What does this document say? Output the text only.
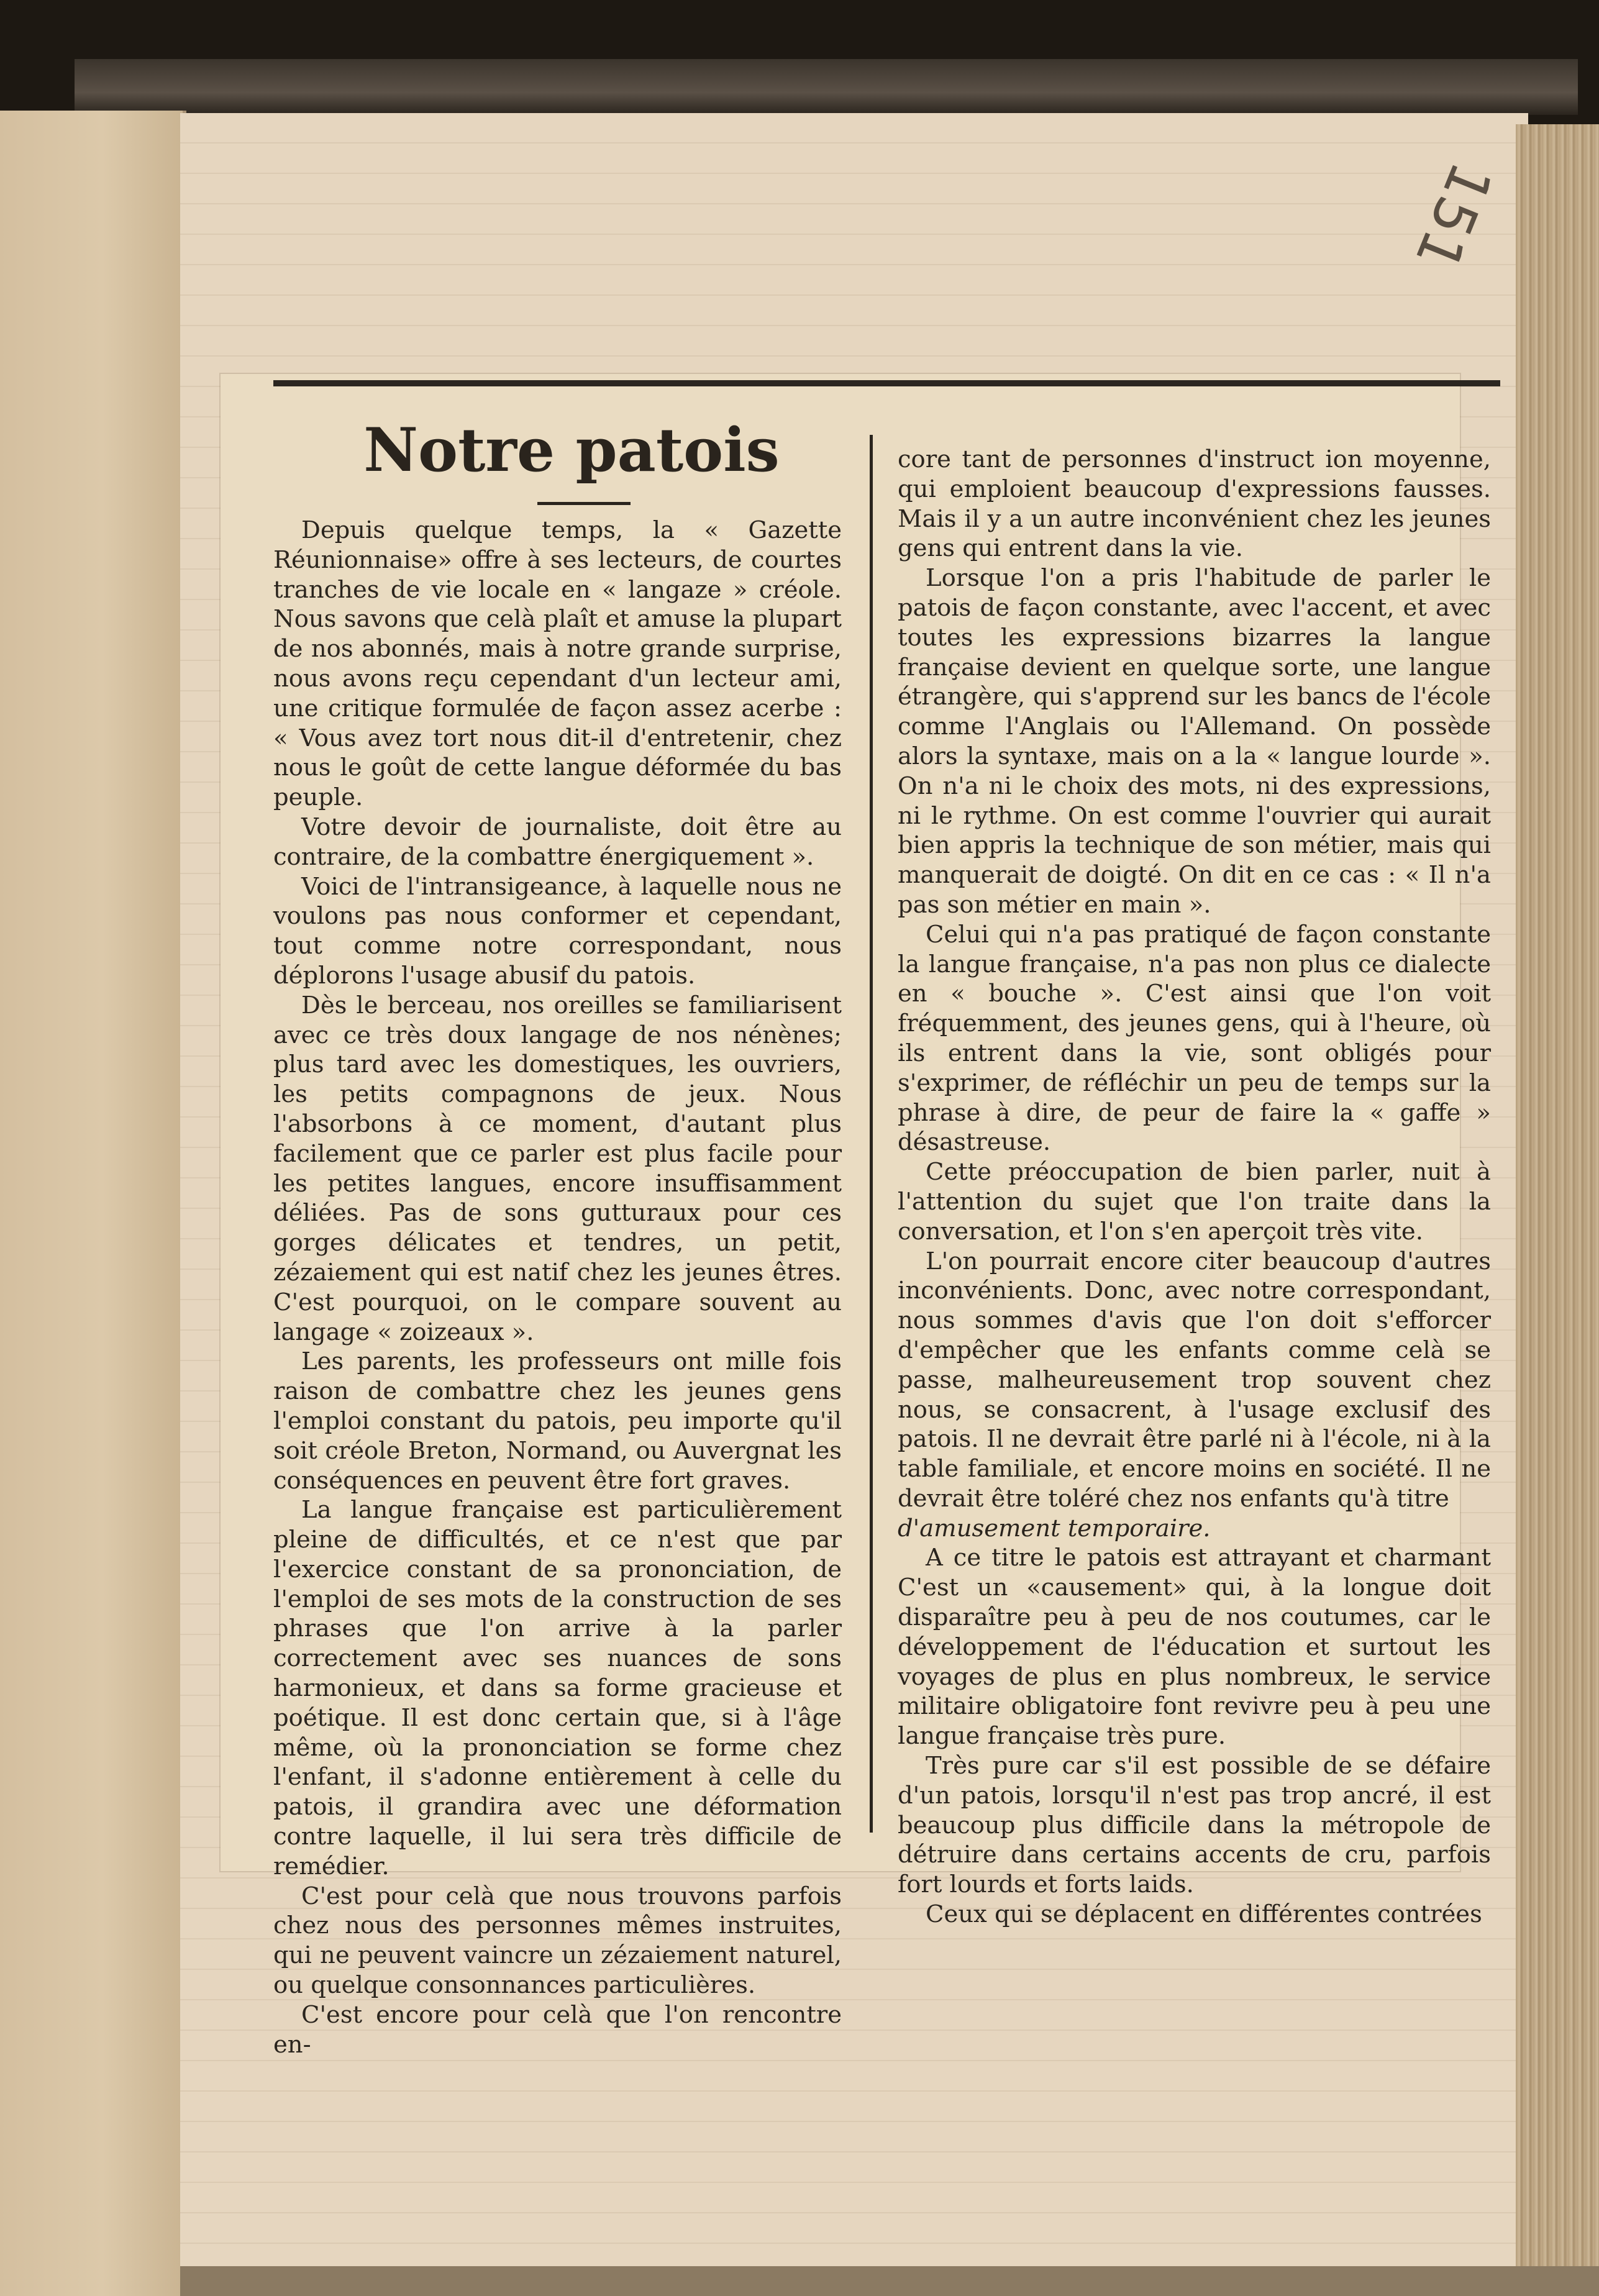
151
Notre patois

Depuis quelque temps, la « Gazette Réunionnaise» offre à ses lecteurs, de courtes tranches de vie locale en « langaze » créole. Nous savons que celà plaît et amuse la plupart de nos abonnés, mais à notre grande surprise, nous avons reçu cependant d'un lecteur ami, une critique formulée de façon assez acerbe : « Vous avez tort nous dit-il d'entretenir, chez nous le goût de cette langue déformée du bas peuple.

Votre devoir de journaliste, doit être au contraire, de la combattre énergiquement ».

Voici de l'intransigeance, à laquelle nous ne voulons pas nous conformer et cependant, tout comme notre correspondant, nous déplorons l'usage abusif du patois.

Dès le berceau, nos oreilles se familiarisent avec ce très doux langage de nos nénènes; plus tard avec les domestiques, les ouvriers, les petits compagnons de jeux. Nous l'absorbons à ce moment, d'autant plus facilement que ce parler est plus facile pour les petites langues, encore insuffisamment déliées. Pas de sons gutturaux pour ces gorges délicates et tendres, un petit, zézaiement qui est natif chez les jeunes êtres. C'est pourquoi, on le compare souvent au langage « zoizeaux ».

Les parents, les professeurs ont mille fois raison de combattre chez les jeunes gens l'emploi constant du patois, peu importe qu'il soit créole Breton, Normand, ou Auvergnat les conséquences en peuvent être fort graves.

La langue française est particulièrement pleine de difficultés, et ce n'est que par l'exercice constant de sa prononciation, de l'emploi de ses mots de la construction de ses phrases que l'on arrive à la parler correctement avec ses nuances de sons harmonieux, et dans sa forme gracieuse et poétique. Il est donc certain que, si à l'âge même, où la prononciation se forme chez l'enfant, il s'adonne entièrement à celle du patois, il grandira avec une déformation contre laquelle, il lui sera très difficile de remédier.

C'est pour celà que nous trouvons parfois chez nous des personnes mêmes instruites, qui ne peuvent vaincre un zézaiement naturel, ou quelque consonnances particulières.

C'est encore pour celà que l'on rencontre en-

core tant de personnes d'instruct ion moyenne, qui emploient beaucoup d'expressions fausses. Mais il y a un autre inconvénient chez les jeunes gens qui entrent dans la vie.

Lorsque l'on a pris l'habitude de parler le patois de façon constante, avec l'accent, et avec toutes les expressions bizarres la langue française devient en quelque sorte, une langue étrangère, qui s'apprend sur les bancs de l'école comme l'Anglais ou l'Allemand. On possède alors la syntaxe, mais on a la « langue lourde ». On n'a ni le choix des mots, ni des expressions, ni le rythme. On est comme l'ouvrier qui aurait bien appris la technique de son métier, mais qui manquerait de doigté. On dit en ce cas : « Il n'a pas son métier en main ».

Celui qui n'a pas pratiqué de façon constante la langue française, n'a pas non plus ce dialecte en « bouche ». C'est ainsi que l'on voit fréquemment, des jeunes gens, qui à l'heure, où ils entrent dans la vie, sont obligés pour s'exprimer, de réfléchir un peu de temps sur la phrase à dire, de peur de faire la « gaffe » désastreuse.

Cette préoccupation de bien parler, nuit à l'attention du sujet que l'on traite dans la conversation, et l'on s'en aperçoit très vite.

L'on pourrait encore citer beaucoup d'autres inconvénients. Donc, avec notre correspondant, nous sommes d'avis que l'on doit s'efforcer d'empêcher que les enfants comme celà se passe, malheureusement trop souvent chez nous, se consacrent, à l'usage exclusif des patois. Il ne devrait être parlé ni à l'école, ni à la table familiale, et encore moins en société. Il ne devrait être toléré chez nos enfants qu'à titre

d'amusement temporaire.

A ce titre le patois est attrayant et charmant C'est un «causement» qui, à la longue doit disparaître peu à peu de nos coutumes, car le développement de l'éducation et surtout les voyages de plus en plus nombreux, le service militaire obligatoire font revivre peu à peu une langue française très pure.

Très pure car s'il est possible de se défaire d'un patois, lorsqu'il n'est pas trop ancré, il est beaucoup plus difficile dans la métropole de détruire dans certains accents de cru, parfois fort lourds et forts laids.

Ceux qui se déplacent en différentes contrées
